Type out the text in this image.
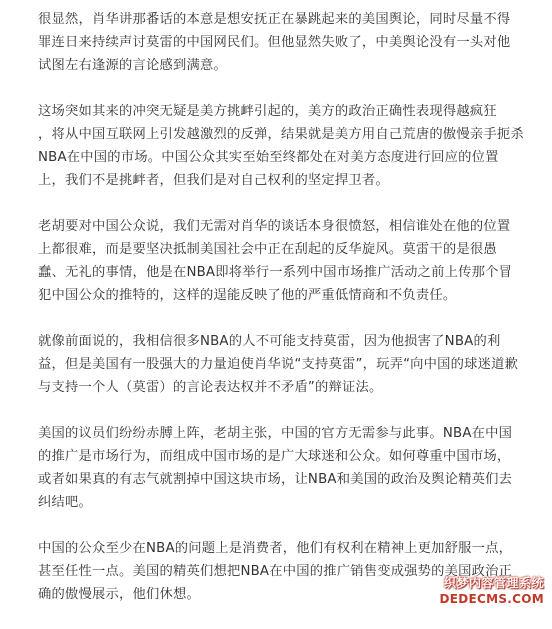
很显然，肖华讲那番话的本意是想安抚正在暴跳起来的美国舆论，同时尽量不得
罪连日来持续声讨莫雷的中国网民们。但他显然失败了，中美舆论没有一头对他
试图左右逢源的言论感到满意。

这场突如其来的冲突无疑是美方挑衅引起的，美方的政治正确性表现得越疯狂
，将从中国互联网上引发越激烈的反弹，结果就是美方用自己荒唐的傲慢亲手扼杀
NBA在中国的市场。中国公众其实至始至终都处在对美方态度进行回应的位置
上，我们不是挑衅者，但我们是对自己权利的坚定捍卫者。

老胡要对中国公众说，我们无需对肖华的谈话本身很愤怒，相信谁处在他的位置
上都很难，而是要坚决抵制美国社会中正在刮起的反华旋风。莫雷干的是很愚
蠢、无礼的事情，他是在NBA即将举行一系列中国市场推广活动之前上传那个冒
犯中国公众的推特的，这样的逞能反映了他的严重低情商和不负责任。

就像前面说的，我相信很多NBA的人不可能支持莫雷，因为他损害了NBA的利
益，但是美国有一股强大的力量迫使肖华说“支持莫雷”，玩弄“向中国的球迷道歉
与支持一个人（莫雷）的言论表达权并不矛盾”的辩证法。

美国的议员们纷纷赤膊上阵，老胡主张，中国的官方无需参与此事。NBA在中国
的推广是市场行为，而组成中国市场的是广大球迷和公众。如何尊重中国市场，
或者如果真的有志气就割掉中国这块市场，让NBA和美国的政治及舆论精英们去
纠结吧。

中国的公众至少在NBA的问题上是消费者，他们有权利在精神上更加舒服一点，
甚至任性一点。美国的精英们想把NBA在中国的推广销售变成强势的美国政治正
确的傲慢展示，他们休想。

织梦内容管理系统
DEDECMS.COM
